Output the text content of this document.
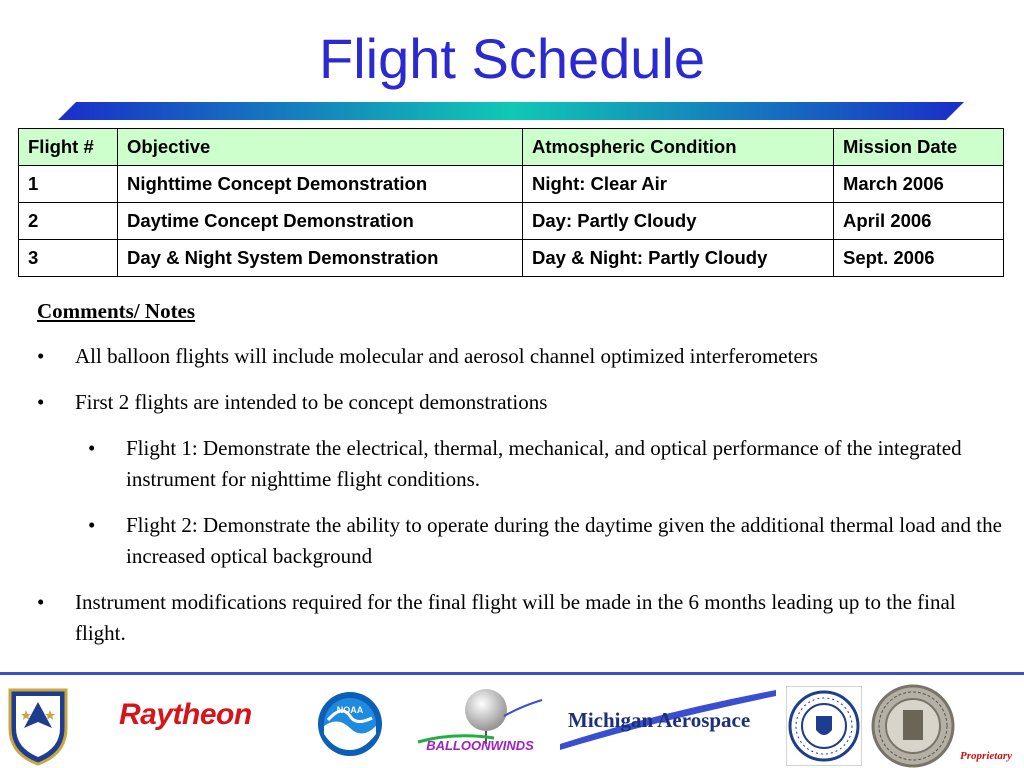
Flight Schedule
Flight #	Objective	Atmospheric Condition	Mission Date
1	Nighttime Concept Demonstration	Night: Clear Air	March 2006
2	Daytime Concept Demonstration	Day: Partly Cloudy	April 2006
3	Day & Night System Demonstration	Day & Night: Partly Cloudy	Sept. 2006
Comments/ Notes
• All balloon flights will include molecular and aerosol channel optimized interferometers
• First 2 flights are intended to be concept demonstrations
• Flight 1: Demonstrate the electrical, thermal, mechanical, and optical performance of the integrated instrument for nighttime flight conditions.
• Flight 2: Demonstrate the ability to operate during the daytime given the additional thermal load and the increased optical background
• Instrument modifications required for the final flight will be made in the 6 months leading up to the final flight.
Raytheon	NOAA
BALLOONWINDS
Michigan Aerospace
Proprietary
